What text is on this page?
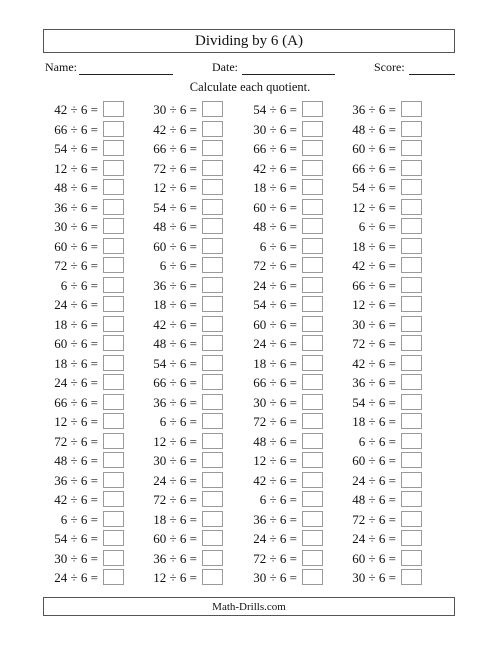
Dividing by 6 (A)
Name:	Date:	Score:
Calculate each quotient.
42 ÷ 6 =	30 ÷ 6 =	54 ÷ 6 =	36 ÷ 6 =
66 ÷ 6 =	42 ÷ 6 =	30 ÷ 6 =	48 ÷ 6 =
54 ÷ 6 =	66 ÷ 6 =	66 ÷ 6 =	60 ÷ 6 =
12 ÷ 6 =	72 ÷ 6 =	42 ÷ 6 =	66 ÷ 6 =
48 ÷ 6 =	12 ÷ 6 =	18 ÷ 6 =	54 ÷ 6 =
36 ÷ 6 =	54 ÷ 6 =	60 ÷ 6 =	12 ÷ 6 =
30 ÷ 6 =	48 ÷ 6 =	48 ÷ 6 =	6 ÷ 6 =
60 ÷ 6 =	60 ÷ 6 =	6 ÷ 6 =	18 ÷ 6 =
72 ÷ 6 =	6 ÷ 6 =	72 ÷ 6 =	42 ÷ 6 =
6 ÷ 6 =	36 ÷ 6 =	24 ÷ 6 =	66 ÷ 6 =
24 ÷ 6 =	18 ÷ 6 =	54 ÷ 6 =	12 ÷ 6 =
18 ÷ 6 =	42 ÷ 6 =	60 ÷ 6 =	30 ÷ 6 =
60 ÷ 6 =	48 ÷ 6 =	24 ÷ 6 =	72 ÷ 6 =
18 ÷ 6 =	54 ÷ 6 =	18 ÷ 6 =	42 ÷ 6 =
24 ÷ 6 =	66 ÷ 6 =	66 ÷ 6 =	36 ÷ 6 =
66 ÷ 6 =	36 ÷ 6 =	30 ÷ 6 =	54 ÷ 6 =
12 ÷ 6 =	6 ÷ 6 =	72 ÷ 6 =	18 ÷ 6 =
72 ÷ 6 =	12 ÷ 6 =	48 ÷ 6 =	6 ÷ 6 =
48 ÷ 6 =	30 ÷ 6 =	12 ÷ 6 =	60 ÷ 6 =
36 ÷ 6 =	24 ÷ 6 =	42 ÷ 6 =	24 ÷ 6 =
42 ÷ 6 =	72 ÷ 6 =	6 ÷ 6 =	48 ÷ 6 =
6 ÷ 6 =	18 ÷ 6 =	36 ÷ 6 =	72 ÷ 6 =
54 ÷ 6 =	60 ÷ 6 =	24 ÷ 6 =	24 ÷ 6 =
30 ÷ 6 =	36 ÷ 6 =	72 ÷ 6 =	60 ÷ 6 =
24 ÷ 6 =	12 ÷ 6 =	30 ÷ 6 =	30 ÷ 6 =
Math-Drills.com
